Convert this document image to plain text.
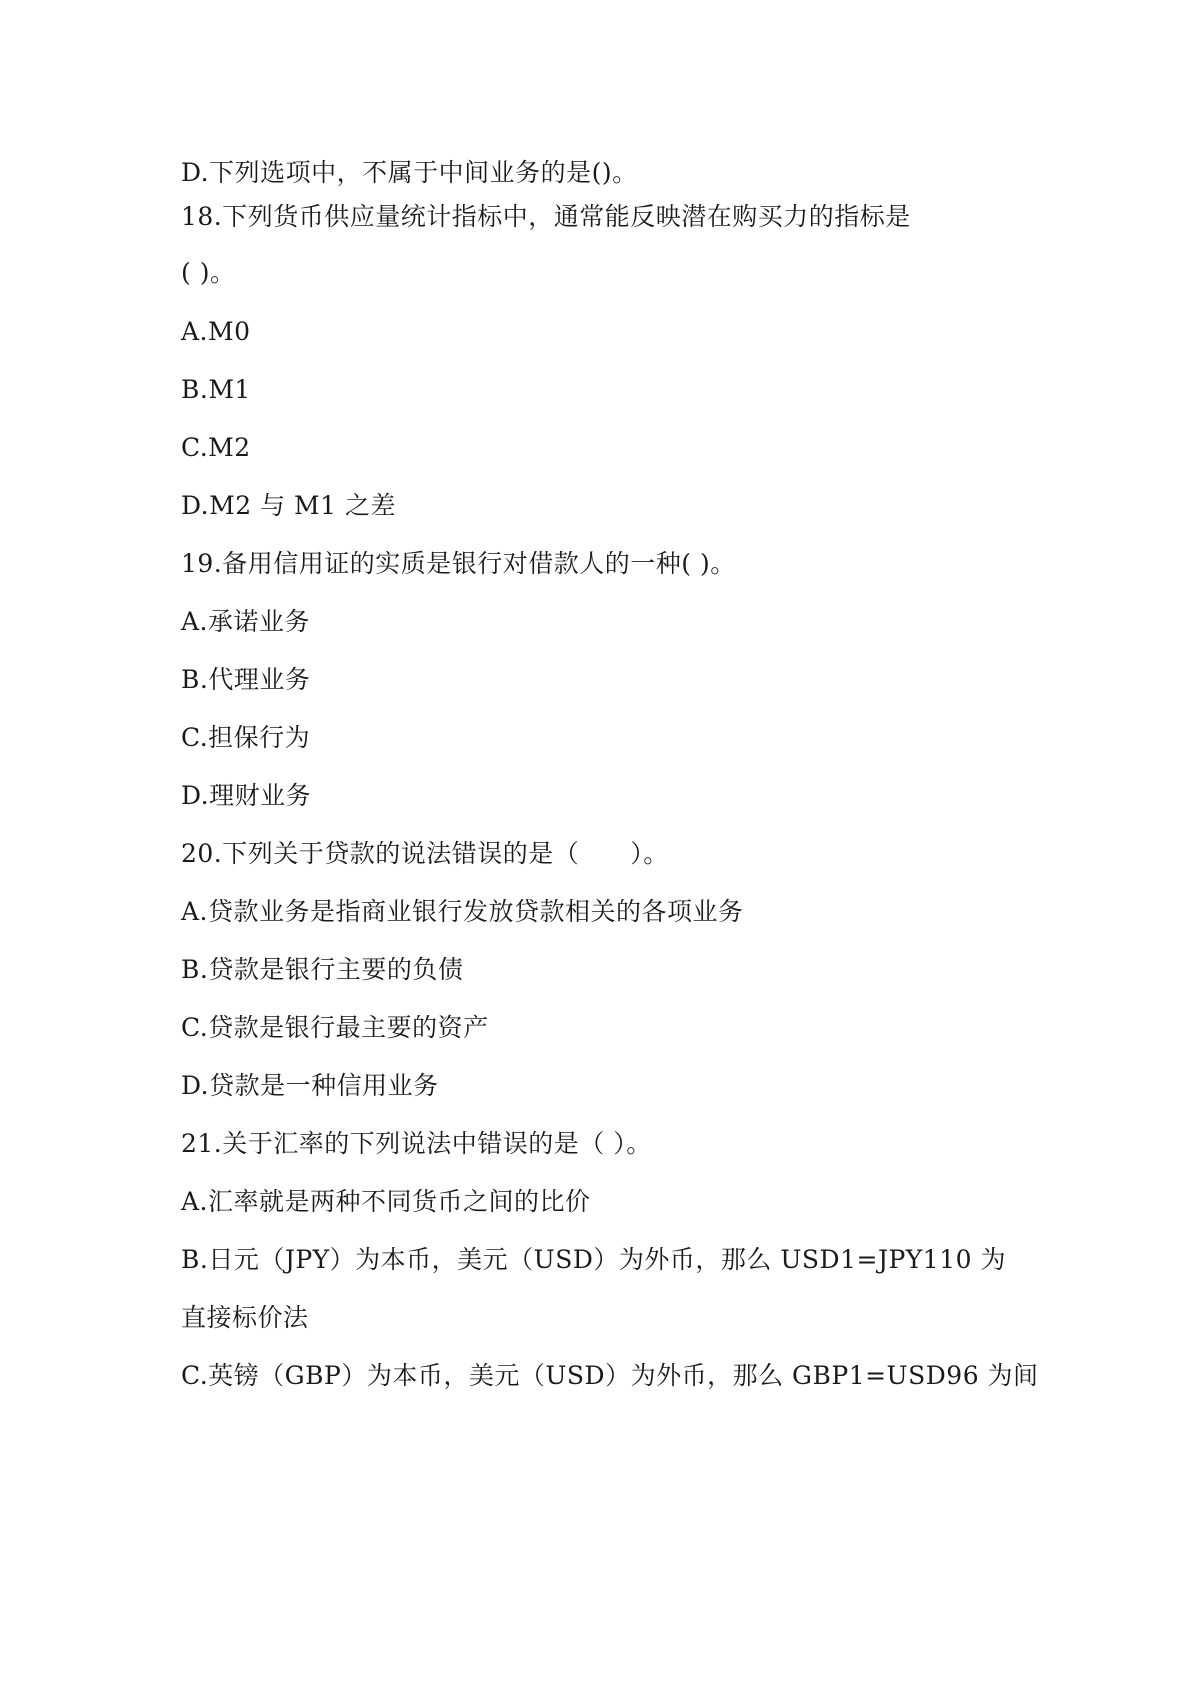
D.下列选项中，不属于中间业务的是()。
18.下列货币供应量统计指标中，通常能反映潜在购买力的指标是
( )。
A.M0
B.M1
C.M2
D.M2 与 M1 之差
19.备用信用证的实质是银行对借款人的一种( )。
A.承诺业务
B.代理业务
C.担保行为
D.理财业务
20.下列关于贷款的说法错误的是（　　）。
A.贷款业务是指商业银行发放贷款相关的各项业务
B.贷款是银行主要的负债
C.贷款是银行最主要的资产
D.贷款是一种信用业务
21.关于汇率的下列说法中错误的是（ ）。
A.汇率就是两种不同货币之间的比价
B.日元（JPY）为本币，美元（USD）为外币，那么 USD1=JPY110 为
直接标价法
C.英镑（GBP）为本币，美元（USD）为外币，那么 GBP1=USD96 为间
